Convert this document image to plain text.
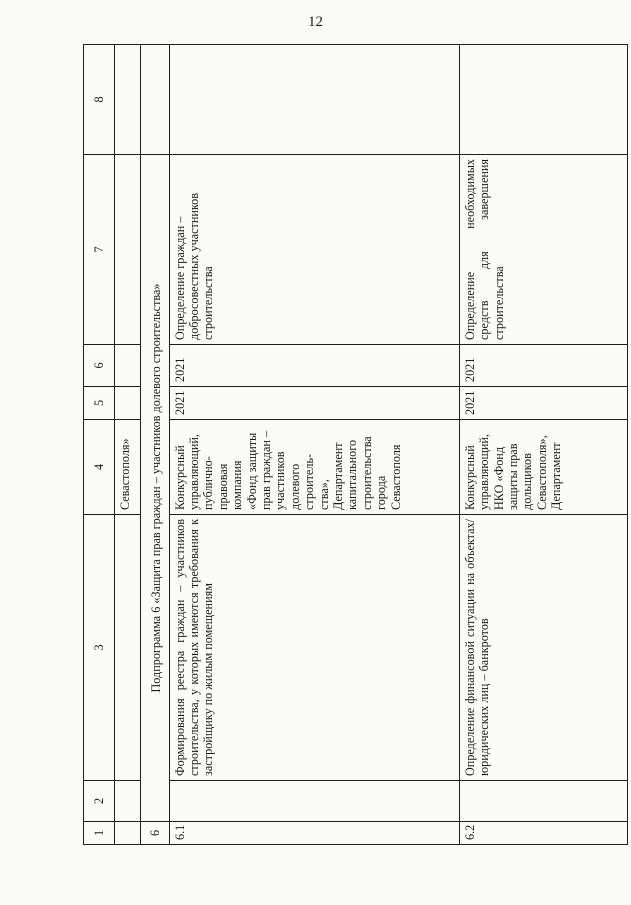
12
1	2	3	4	5	6	7	8
			Севастополя»				
6	Подпрограмма 6 «Защита прав граждан – участников долевого строительства»						
6.1		Формирования реестра граждан – участников строительства, у которых имеются требования к застройщику по жилым помещениям	Конкурсный управляющий, публично-правовая компания «Фонд защиты прав граждан – участников долевого строитель-ства», Департамент капитального строительства города Севастополя	2021	2021	Определение граждан – добросовестных участников строительства	
6.2		Определение финансовой ситуации на объектах/ юридических лиц – банкротов	Конкурсный управляющий, НКО «Фонд защиты прав дольщиков Севастополя», Департамент	2021	2021	Определение необходимых средств для завершения строительства	
